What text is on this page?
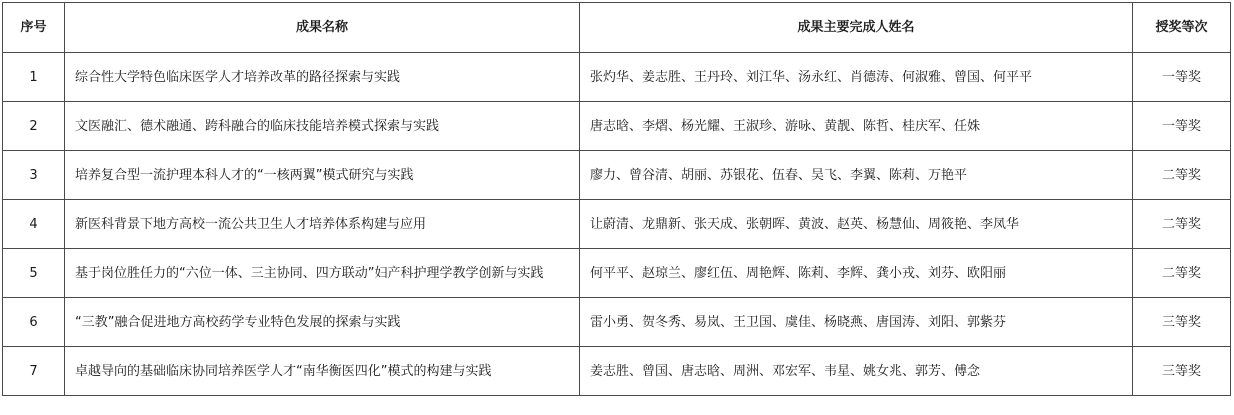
序号	成果名称	成果主要完成人姓名	授奖等次
1	综合性大学特色临床医学人才培养改革的路径探索与实践	张灼华、姜志胜、王丹玲、刘江华、汤永红、肖德涛、何淑雅、曾国、何平平	一等奖
2	文医融汇、德术融通、跨科融合的临床技能培养模式探索与实践	唐志晗、李熠、杨光耀、王淑珍、游咏、黄靓、陈哲、桂庆军、任姝	一等奖
3	培养复合型一流护理本科人才的“一核两翼”模式研究与实践	廖力、曾谷清、胡丽、苏银花、伍春、吴飞、李翼、陈莉、万艳平	二等奖
4	新医科背景下地方高校一流公共卫生人才培养体系构建与应用	让蔚清、龙鼎新、张天成、张朝晖、黄波、赵英、杨慧仙、周筱艳、李凤华	二等奖
5	基于岗位胜任力的“六位一体、三主协同、四方联动”妇产科护理学教学创新与实践	何平平、赵琼兰、廖红伍、周艳辉、陈莉、李辉、龚小戎、刘芬、欧阳丽	二等奖
6	“三教”融合促进地方高校药学专业特色发展的探索与实践	雷小勇、贺冬秀、易岚、王卫国、虞佳、杨晓燕、唐国涛、刘阳、郭紫芬	三等奖
7	卓越导向的基础临床协同培养医学人才“南华衡医四化”模式的构建与实践	姜志胜、曾国、唐志晗、周洲、邓宏军、韦星、姚女兆、郭芳、傅念	三等奖
